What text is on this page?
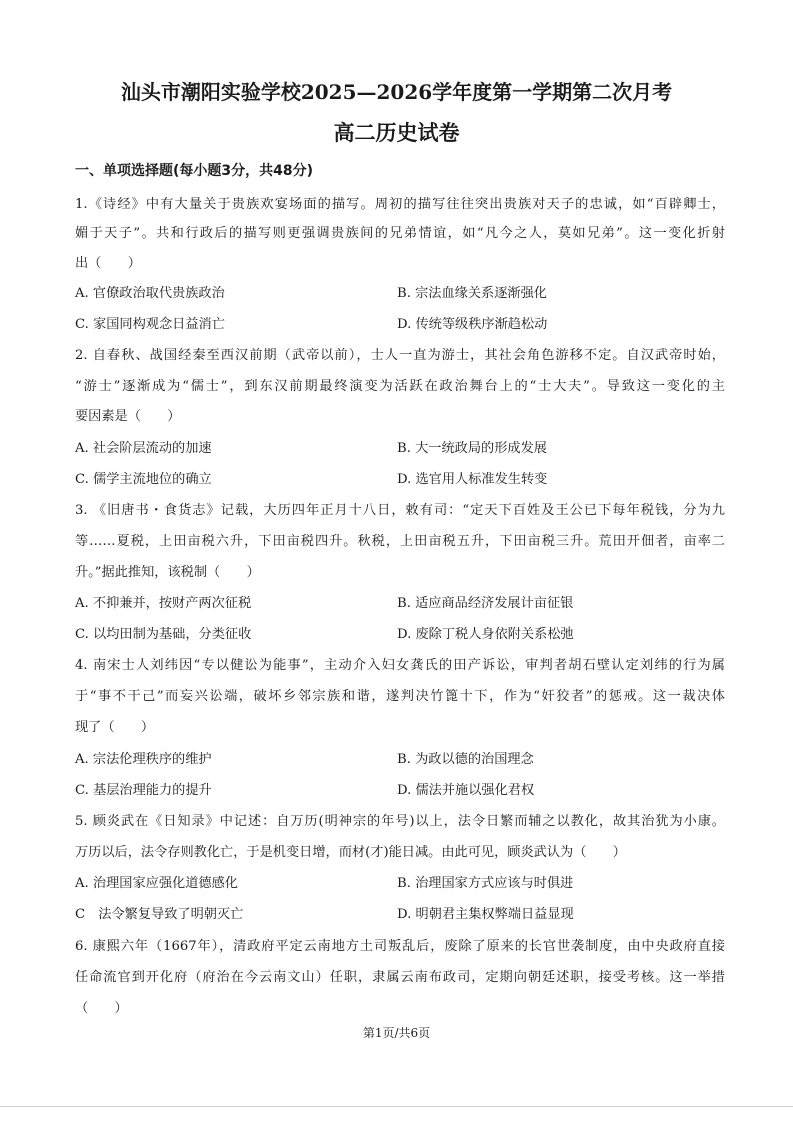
汕头市潮阳实验学校2025—2026学年度第一学期第二次月考
高二历史试卷
一、单项选择题(每小题3分，共48分)
1.《诗经》中有大量关于贵族欢宴场面的描写。周初的描写往往突出贵族对天子的忠诚，如“百辟卿士，
媚于天子”。共和行政后的描写则更强调贵族间的兄弟情谊，如“凡今之人，莫如兄弟”。这一变化折射
出（　　）
A. 官僚政治取代贵族政治	B. 宗法血缘关系逐渐强化
C. 家国同构观念日益消亡	D. 传统等级秩序渐趋松动
2. 自春秋、战国经秦至西汉前期（武帝以前），士人一直为游士，其社会角色游移不定。自汉武帝时始，
“游士”逐渐成为“儒士”，到东汉前期最终演变为活跃在政治舞台上的“士大夫”。导致这一变化的主
要因素是（　　）
A. 社会阶层流动的加速	B. 大一统政局的形成发展
C. 儒学主流地位的确立	D. 选官用人标准发生转变
3. 《旧唐书・食货志》记载，大历四年正月十八日，敕有司：“定天下百姓及王公已下每年税钱，分为九
等……夏税，上田亩税六升，下田亩税四升。秋税，上田亩税五升，下田亩税三升。荒田开佃者，亩率二
升。”据此推知，该税制（　　）
A. 不抑兼并，按财产两次征税	B. 适应商品经济发展计亩征银
C. 以均田制为基础，分类征收	D. 废除丁税人身依附关系松弛
4. 南宋士人刘纬因“专以健讼为能事”，主动介入妇女龚氏的田产诉讼，审判者胡石壁认定刘纬的行为属
于“事不干己”而妄兴讼端，破坏乡邻宗族和谐，遂判决竹篦十下，作为“奸狡者”的惩戒。这一裁决体
现了（　　）
A. 宗法伦理秩序的维护	B. 为政以德的治国理念
C. 基层治理能力的提升	D. 儒法并施以强化君权
5. 顾炎武在《日知录》中记述：自万历(明神宗的年号)以上，法令日繁而辅之以教化，故其治犹为小康。
万历以后，法令存则教化亡，于是机变日增，而材(才)能日减。由此可见，顾炎武认为（　　）
A. 治理国家应强化道德感化	B. 治理国家方式应该与时俱进
C　法令繁复导致了明朝灭亡	D. 明朝君主集权弊端日益显现
6. 康熙六年（1667年），清政府平定云南地方土司叛乱后，废除了原来的长官世袭制度，由中央政府直接
任命流官到开化府（府治在今云南文山）任职，隶属云南布政司，定期向朝廷述职，接受考核。这一举措
（　　）
第1页/共6页
